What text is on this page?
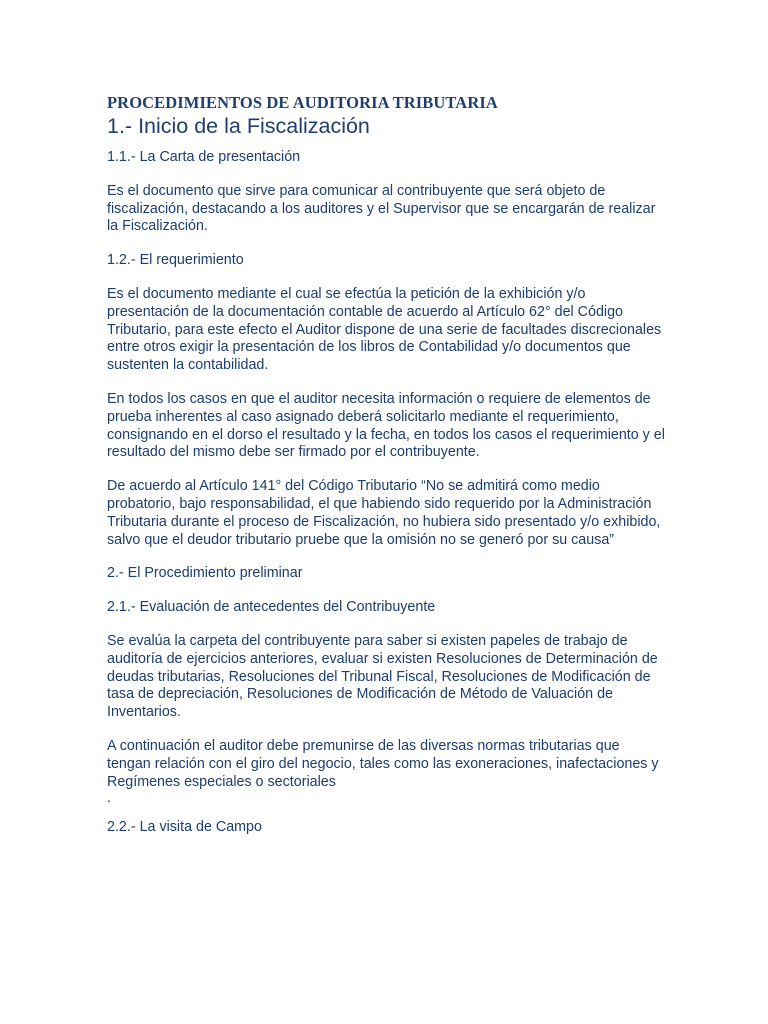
PROCEDIMIENTOS DE AUDITORIA TRIBUTARIA
1.- Inicio de la Fiscalización

1.1.- La Carta de presentación

Es el documento que sirve para comunicar al contribuyente que será objeto de fiscalización, destacando a los auditores y el Supervisor que se encargarán de realizar la Fiscalización.

1.2.- El requerimiento

Es el documento mediante el cual se efectúa la petición de la exhibición y/o presentación de la documentación contable de acuerdo al Artículo 62° del Código Tributario, para este efecto el Auditor dispone de una serie de facultades discrecionales entre otros exigir la presentación de los libros de Contabilidad y/o documentos que sustenten la contabilidad.

En todos los casos en que el auditor necesita información o requiere de elementos de prueba inherentes al caso asignado deberá solicitarlo mediante el requerimiento, consignando en el dorso el resultado y la fecha, en todos los casos el requerimiento y el resultado del mismo debe ser firmado por el contribuyente.

De acuerdo al Artículo 141° del Código Tributario “No se admitirá como medio probatorio, bajo responsabilidad, el que habiendo sido requerido por la Administración Tributaria durante el proceso de Fiscalización, no hubiera sido presentado y/o exhibido, salvo que el deudor tributario pruebe que la omisión no se generó por su causa”

2.- El Procedimiento preliminar

2.1.- Evaluación de antecedentes del Contribuyente

Se evalúa la carpeta del contribuyente para saber si existen papeles de trabajo de auditoría de ejercicios anteriores, evaluar si existen Resoluciones de Determinación de deudas tributarias, Resoluciones del Tribunal Fiscal, Resoluciones de Modificación de tasa de depreciación, Resoluciones de Modificación de Método de Valuación de Inventarios.

A continuación el auditor debe premunirse de las diversas normas tributarias que tengan relación con el giro del negocio, tales como las exoneraciones, inafectaciones y Regímenes especiales o sectoriales

.

2.2.- La visita de Campo
